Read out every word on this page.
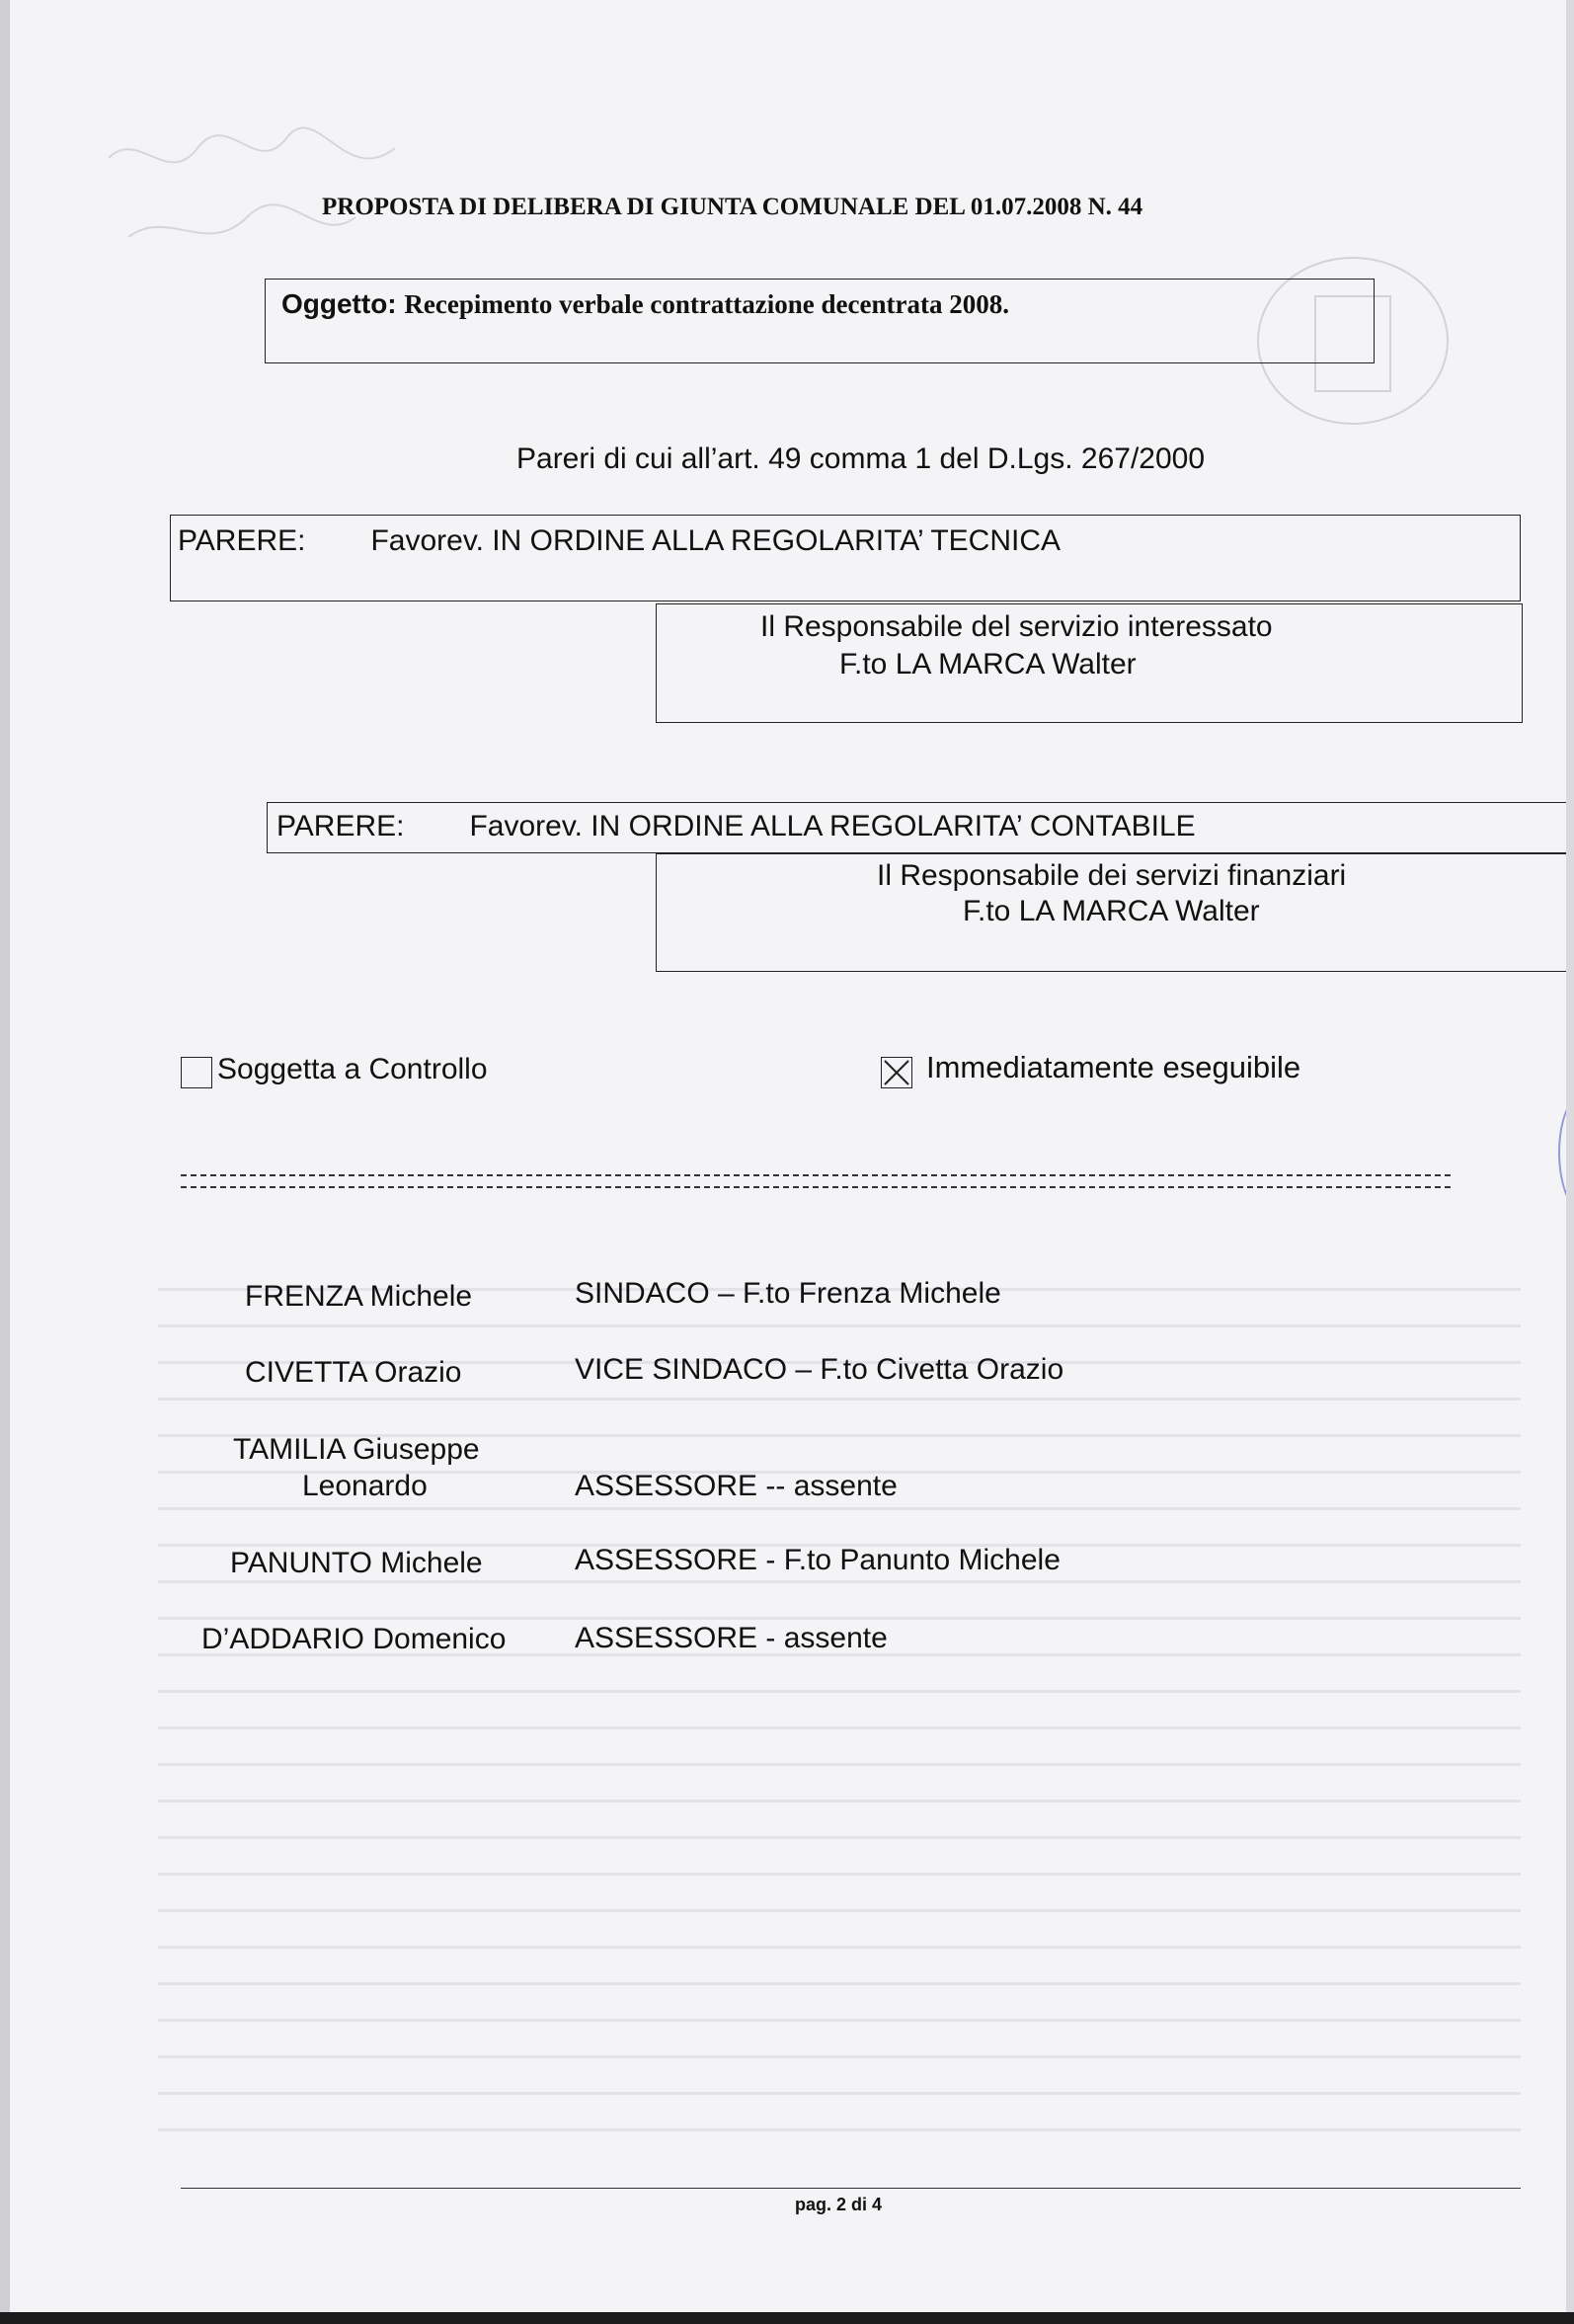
PROPOSTA DI DELIBERA DI GIUNTA COMUNALE DEL 01.07.2008 N. 44
Oggetto: Recepimento verbale contrattazione decentrata 2008.
Pareri di cui all’art. 49 comma 1 del D.Lgs. 267/2000
PARERE: Favorev. IN ORDINE ALLA REGOLARITA’ TECNICA
Il Responsabile del servizio interessato
F.to LA MARCA Walter
PARERE: Favorev. IN ORDINE ALLA REGOLARITA’ CONTABILE
Il Responsabile dei servizi finanziari
F.to LA MARCA Walter
Soggetta a Controllo	Immediatamente eseguibile
FRENZA Michele	SINDACO – F.to Frenza Michele
CIVETTA Orazio	VICE SINDACO – F.to Civetta Orazio
TAMILIA Giuseppe
Leonardo	ASSESSORE -- assente
PANUNTO Michele	ASSESSORE - F.to Panunto Michele
D’ADDARIO Domenico ASSESSORE - assente
pag. 2 di 4
